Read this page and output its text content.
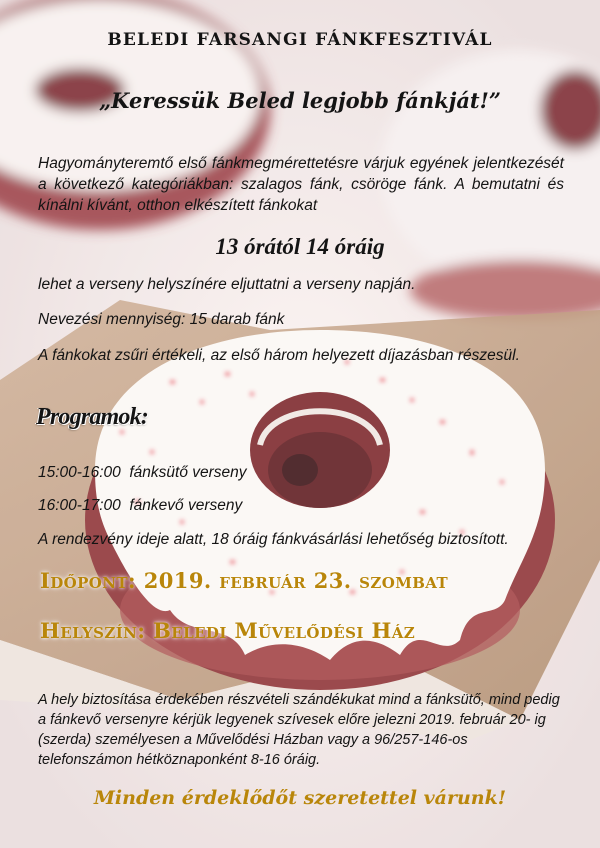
BELEDI FARSANGI FÁNKFESZTIVÁL

„Keressük Beled legjobb fánkját!”

Hagyományteremtő első fánkmegmérettetésre várjuk egyének jelentkezését a következő kategóriákban: szalagos fánk, csöröge fánk. A bemutatni és kínálni kívánt, otthon elkészített fánkokat

13 órától 14 óráig

lehet a verseny helyszínére eljuttatni a verseny napján.

Nevezési mennyiség: 15 darab fánk

A fánkokat zsűri értékeli, az első három helyezett díjazásban részesül.

Programok:

15:00-16:00 fánksütő verseny

16:00-17:00 fánkevő verseny

A rendezvény ideje alatt, 18 óráig fánkvásárlási lehetőség biztosított.

Időpont: 2019. február 23. szombat

Helyszín: Beledi Művelődési Ház

A hely biztosítása érdekében részvételi szándékukat mind a fánksütő, mind pedig a fánkevő versenyre kérjük legyenek szívesek előre jelezni 2019. február 20- ig (szerda) személyesen a Művelődési Házban vagy a 96/257-146-os telefonszámon hétköznaponként 8-16 óráig.

Minden érdeklődőt szeretettel várunk!
